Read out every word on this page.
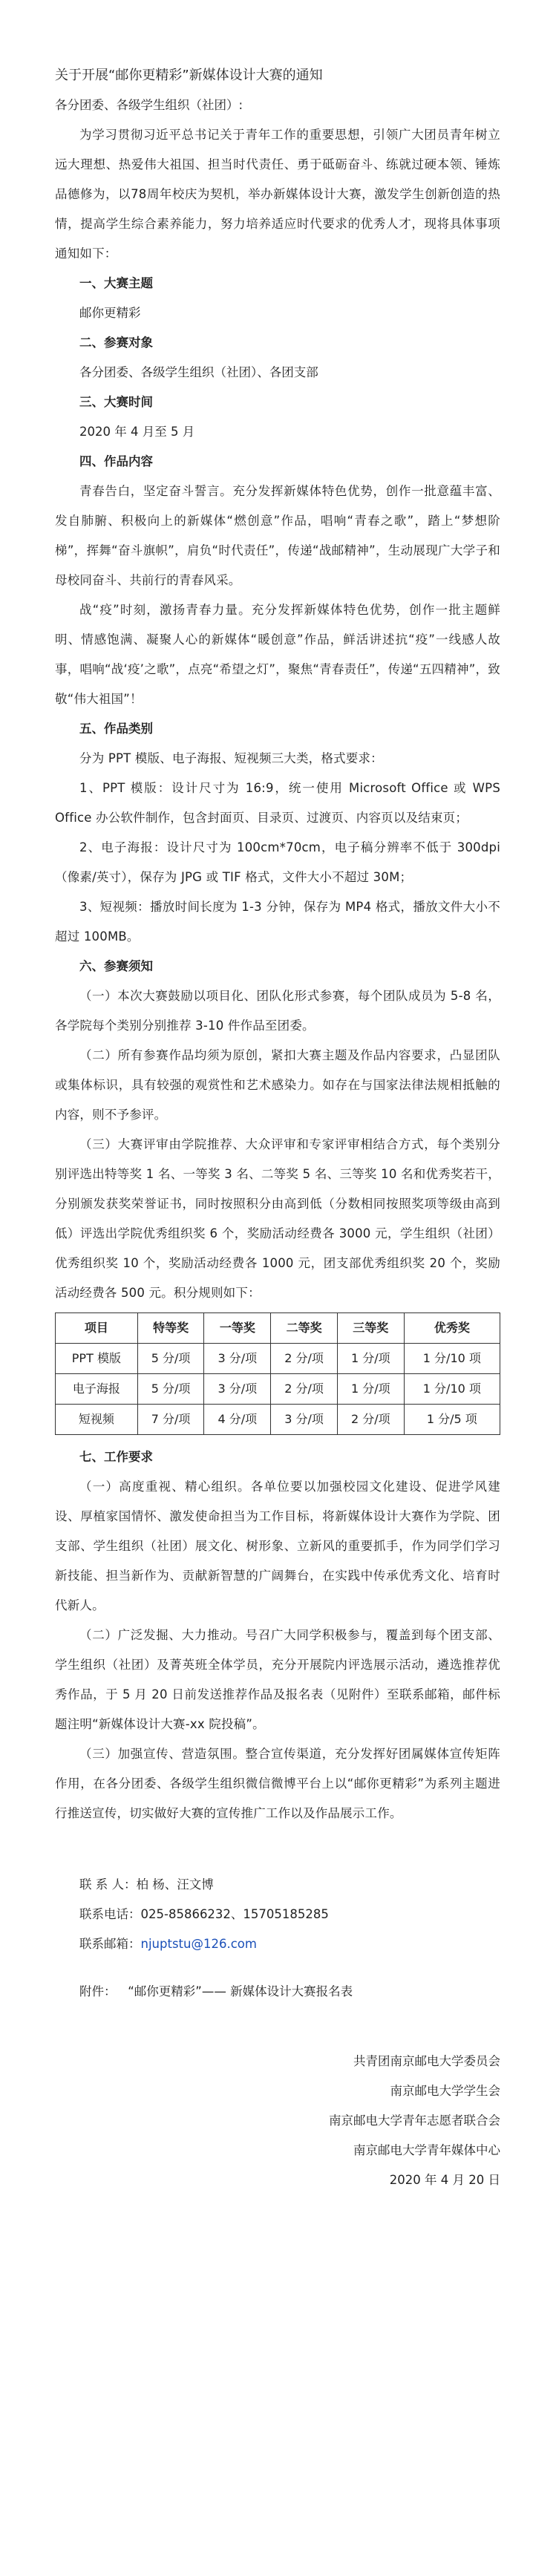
关于开展“邮你更精彩”新媒体设计大赛的通知

各分团委、各级学生组织（社团）:

为学习贯彻习近平总书记关于青年工作的重要思想，引领广大团员青年树立远大理想、热爱伟大祖国、担当时代责任、勇于砥砺奋斗、练就过硬本领、锤炼品德修为，以78周年校庆为契机，举办新媒体设计大赛，激发学生创新创造的热情，提高学生综合素养能力，努力培养适应时代要求的优秀人才，现将具体事项通知如下：

一、大赛主题

邮你更精彩

二、参赛对象

各分团委、各级学生组织（社团）、各团支部

三、大赛时间

2020 年 4 月至 5 月

四、作品内容

青春告白，坚定奋斗誓言。充分发挥新媒体特色优势，创作一批意蕴丰富、发自肺腑、积极向上的新媒体“燃创意”作品，唱响“青春之歌”，踏上“梦想阶梯”，挥舞“奋斗旗帜”，肩负“时代责任”，传递“战邮精神”，生动展现广大学子和母校同奋斗、共前行的青春风采。

战“疫”时刻，激扬青春力量。充分发挥新媒体特色优势，创作一批主题鲜明、情感饱满、凝聚人心的新媒体“暖创意”作品，鲜活讲述抗“疫”一线感人故事，唱响“战‘疫’之歌”，点亮“希望之灯”，聚焦“青春责任”，传递“五四精神”，致敬“伟大祖国”！

五、作品类别

分为 PPT 模版、电子海报、短视频三大类，格式要求：

1、PPT 模版：设计尺寸为 16:9，统一使用 Microsoft Office 或 WPS Office 办公软件制作，包含封面页、目录页、过渡页、内容页以及结束页；

2、电子海报：设计尺寸为 100cm*70cm，电子稿分辨率不低于 300dpi（像素/英寸），保存为 JPG 或 TIF 格式，文件大小不超过 30M；

3、短视频：播放时间长度为 1-3 分钟，保存为 MP4 格式，播放文件大小不超过 100MB。

六、参赛须知

（一）本次大赛鼓励以项目化、团队化形式参赛，每个团队成员为 5-8 名，各学院每个类别分别推荐 3-10 件作品至团委。

（二）所有参赛作品均须为原创，紧扣大赛主题及作品内容要求，凸显团队或集体标识，具有较强的观赏性和艺术感染力。如存在与国家法律法规相抵触的内容，则不予参评。

（三）大赛评审由学院推荐、大众评审和专家评审相结合方式，每个类别分别评选出特等奖 1 名、一等奖 3 名、二等奖 5 名、三等奖 10 名和优秀奖若干，分别颁发获奖荣誉证书，同时按照积分由高到低（分数相同按照奖项等级由高到低）评选出学院优秀组织奖 6 个，奖励活动经费各 3000 元，学生组织（社团）优秀组织奖 10 个，奖励活动经费各 1000 元，团支部优秀组织奖 20 个，奖励活动经费各 500 元。积分规则如下：

项目	特等奖	一等奖	二等奖	三等奖	优秀奖
PPT 模版	5 分/项	3 分/项	2 分/项	1 分/项	1 分/10 项
电子海报	5 分/项	3 分/项	2 分/项	1 分/项	1 分/10 项
短视频	7 分/项	4 分/项	3 分/项	2 分/项	1 分/5 项

七、工作要求

（一）高度重视、精心组织。各单位要以加强校园文化建设、促进学风建设、厚植家国情怀、激发使命担当为工作目标，将新媒体设计大赛作为学院、团支部、学生组织（社团）展文化、树形象、立新风的重要抓手，作为同学们学习新技能、担当新作为、贡献新智慧的广阔舞台，在实践中传承优秀文化、培育时代新人。

（二）广泛发掘、大力推动。号召广大同学积极参与，覆盖到每个团支部、学生组织（社团）及菁英班全体学员，充分开展院内评选展示活动，遴选推荐优秀作品，于 5 月 20 日前发送推荐作品及报名表（见附件）至联系邮箱，邮件标题注明“新媒体设计大赛-xx 院投稿”。

（三）加强宣传、营造氛围。整合宣传渠道，充分发挥好团属媒体宣传矩阵作用，在各分团委、各级学生组织微信微博平台上以“邮你更精彩”为系列主题进行推送宣传，切实做好大赛的宣传推广工作以及作品展示工作。

联 系 人：柏 杨、汪文博

联系电话：025-85866232、15705185285

联系邮箱：njuptstu@126.com

附件： “邮你更精彩”—— 新媒体设计大赛报名表

共青团南京邮电大学委员会

南京邮电大学学生会

南京邮电大学青年志愿者联合会

南京邮电大学青年媒体中心

2020 年 4 月 20 日
